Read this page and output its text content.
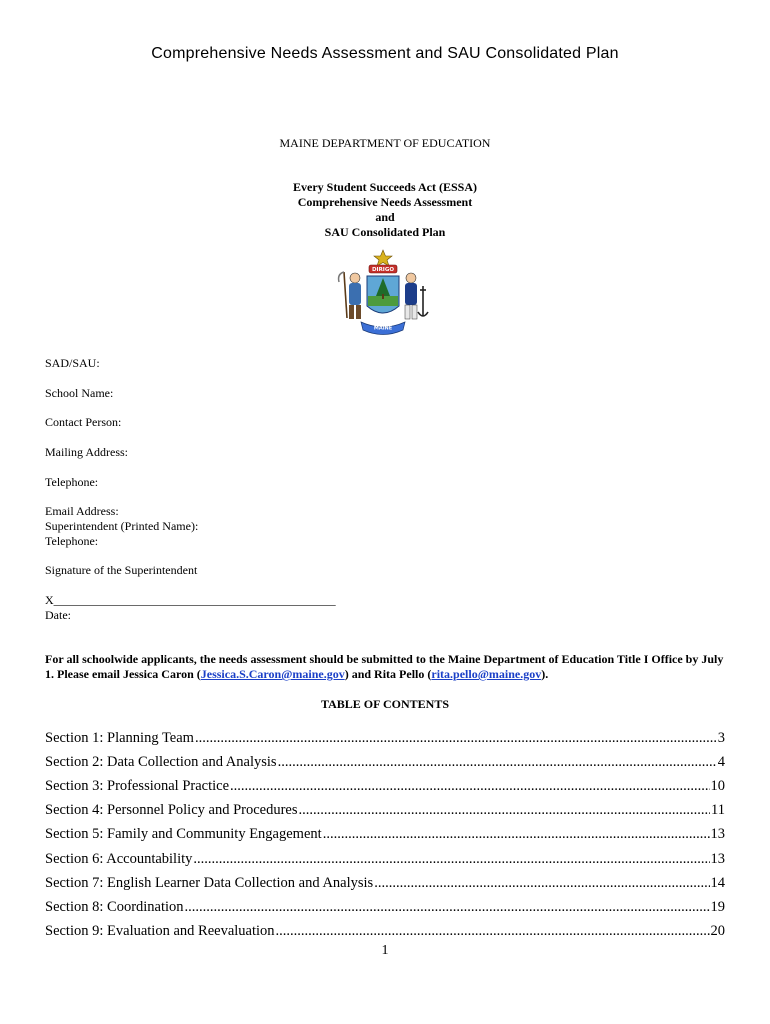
Comprehensive Needs Assessment and SAU Consolidated Plan
MAINE DEPARTMENT OF EDUCATION
Every Student Succeeds Act (ESSA)
Comprehensive Needs Assessment
and
SAU Consolidated Plan
DIRIGO
MAINE
SAD/SAU:
School Name:
Contact Person:
Mailing Address:
Telephone:
Email Address:
Superintendent (Printed Name):
Telephone:
Signature of the Superintendent
X_______________________________________________
Date:
For all schoolwide applicants, the needs assessment should be submitted to the Maine Department of Education Title I Office by July 1. Please email Jessica Caron (Jessica.S.Caron@maine.gov) and Rita Pello (rita.pello@maine.gov).
TABLE OF CONTENTS
Section 1: Planning Team .....	3
Section 2: Data Collection and Analysis .....	4
Section 3: Professional Practice .....	10
Section 4: Personnel Policy and Procedures .....	11
Section 5: Family and Community Engagement .....	13
Section 6: Accountability .....	13
Section 7: English Learner Data Collection and Analysis .....	14
Section 8: Coordination .....	19
Section 9: Evaluation and Reevaluation .....	20
1
